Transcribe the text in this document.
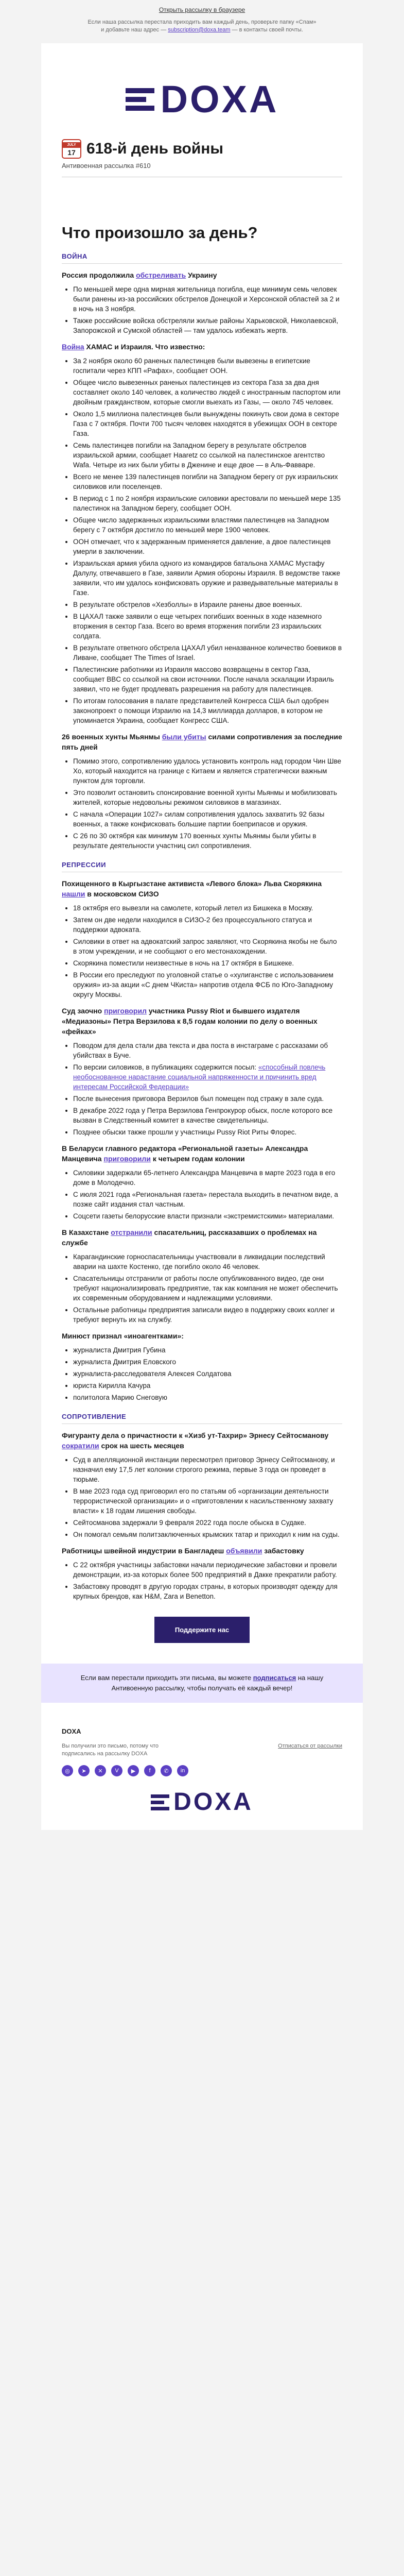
Открыть рассылку в браузере
Если наша рассылка перестала приходить вам каждый день, проверьте папку «Спам» и добавьте наш адрес — subscription@doxa.team — в контакты своей почты.
DOXA
JULY
17 618-й день войны
Антивоенная рассылка #610
Что произошло за день?
ВОЙНА
Россия продолжила обстреливать Украину
• По меньшей мере одна мирная жительница погибла, еще минимум семь человек были ранены из-за российских обстрелов Донецкой и Херсонской областей за 2 и в ночь на 3 ноября.
• Также российские войска обстреляли жилые районы Харьковской, Николаевской, Запорожской и Сумской областей — там удалось избежать жертв.
Война ХАМАС и Израиля. Что известно:
• За 2 ноября около 60 раненых палестинцев были вывезены в египетские госпитали через КПП «Рафах», сообщает ООН.
• Общее число вывезенных раненых палестинцев из сектора Газа за два дня составляет около 140 человек, а количество людей с иностранным паспортом или двойным гражданством, которые смогли выехать из Газы, — около 745 человек.
• Около 1,5 миллиона палестинцев были вынуждены покинуть свои дома в секторе Газа с 7 октября. Почти 700 тысяч человек находятся в убежищах ООН в секторе Газа.
• Семь палестинцев погибли на Западном берегу в результате обстрелов израильской армии, сообщает Haaretz со ссылкой на палестинское агентство Wafa. Четыре из них были убиты в Дженине и еще двое — в Аль-Фавваре.
• Всего не менее 139 палестинцев погибли на Западном берегу от рук израильских силовиков или поселенцев.
• В период с 1 по 2 ноября израильские силовики арестовали по меньшей мере 135 палестинок на Западном берегу, сообщает ООН.
• Общее число задержанных израильскими властями палестинцев на Западном берегу с 7 октября достигло по меньшей мере 1900 человек.
• ООН отмечает, что к задержанным применяется давление, а двое палестинцев умерли в заключении.
• Израильская армия убила одного из командиров батальона ХАМАС Мустафу Далулу, отвечавшего в Газе, заявили Армия обороны Израиля. В ведомстве также заявили, что им удалось конфисковать оружие и разведывательные материалы в Газе.
• В результате обстрелов «Хезболлы» в Израиле ранены двое военных.
• В ЦАХАЛ также заявили о еще четырех погибших военных в ходе наземного вторжения в сектор Газа. Всего во время вторжения погибли 23 израильских солдата.
• В результате ответного обстрела ЦАХАЛ убил неназванное количество боевиков в Ливане, сообщает The Times of Israel.
• Палестинские работники из Израиля массово возвращены в сектор Газа, сообщает BBC со ссылкой на свои источники. После начала эскалации Израиль заявил, что не будет продлевать разрешения на работу для палестинцев.
• По итогам голосования в палате представителей Конгресса США был одобрен законопроект о помощи Израилю на 14,3 миллиарда долларов, в котором не упоминается Украина, сообщает Конгресс США.
26 военных хунты Мьянмы были убиты силами сопротивления за последние пять дней
• Помимо этого, сопротивлению удалось установить контроль над городом Чин Шве Хо, который находится на границе с Китаем и является стратегически важным пунктом для торговли.
• Это позволит остановить спонсирование военной хунты Мьянмы и мобилизовать жителей, которые недовольны режимом силовиков в магазинах.
• С начала «Операции 1027» силам сопротивления удалось захватить 92 базы военных, а также конфисковать большие партии боеприпасов и оружия.
• С 26 по 30 октября как минимум 170 военных хунты Мьянмы были убиты в результате деятельности участниц сил сопротивления.
РЕПРЕССИИ
Похищенного в Кыргызстане активиста «Левого блока» Льва Скорякина нашли в московском СИЗО
• 18 октября его вывезли на самолете, который летел из Бишкека в Москву.
• Затем он две недели находился в СИЗО-2 без процессуального статуса и поддержки адвоката.
• Силовики в ответ на адвокатский запрос заявляют, что Скорякина якобы не было в этом учреждении, и не сообщают о его местонахождении.
• Скорякина поместили неизвестные в ночь на 17 октября в Бишкеке.
• В России его преследуют по уголовной статье о «хулиганстве с использованием оружия» из-за акции «С днем ЧКиста» напротив отдела ФСБ по Юго-Западному округу Москвы.
Суд заочно приговорил участника Pussy Riot и бывшего издателя «Медиазоны» Петра Верзилова к 8,5 годам колонии по делу о военных «фейках»
• Поводом для дела стали два текста и два поста в инстаграме с рассказами об убийствах в Буче.
• По версии силовиков, в публикациях содержится посыл: «способный повлечь необоснованное нарастание социальной напряженности и причинить вред интересам Российской Федерации»
• После вынесения приговора Верзилов был помещен под стражу в зале суда.
• В декабре 2022 года у Петра Верзилова Генпрокурор обыск, после которого все вызван в Следственный комитет в качестве свидетельницы.
• Позднее обыски также прошли у участницы Pussy Riot Риты Флорес.
В Беларуси главного редактора «Региональной газеты» Александра Манцевича приговорили к четырем годам колонии
• Силовики задержали 65-летнего Александра Манцевича в марте 2023 года в его доме в Молодечно.
• С июля 2021 года «Региональная газета» перестала выходить в печатном виде, а позже сайт издания стал частным.
• Соцсети газеты белорусские власти признали «экстремистскими» материалами.
В Казахстане отстранили спасательниц, рассказавших о проблемах на службе
• Карагандинские горноспасательницы участвовали в ликвидации последствий аварии на шахте Костенко, где погибло около 46 человек.
• Спасательницы отстранили от работы после опубликованного видео, где они требуют национализировать предприятие, так как компания не может обеспечить их современным оборудованием и надлежащими условиями.
• Остальные работницы предприятия записали видео в поддержку своих коллег и требуют вернуть их на службу.
Минюст признал «иноагентками»:
• журналиста Дмитрия Губина
• журналиста Дмитрия Еловского
• журналиста-расследователя Алексея Солдатова
• юриста Кирилла Качура
• политолога Марию Снеговую
СОПРОТИВЛЕНИЕ
Фигуранту дела о причастности к «Хизб ут-Тахрир» Эрнесу Сейтосманову сократили срок на шесть месяцев
• Суд в апелляционной инстанции пересмотрел приговор Эрнесу Сейтосманову, и назначил ему 17,5 лет колонии строгого режима, первые 3 года он проведет в тюрьме.
• В мае 2023 года суд приговорил его по статьям об «организации деятельности террористической организации» и о «приготовлении к насильственному захвату власти» к 18 годам лишения свободы.
• Сейтосманова задержали 9 февраля 2022 года после обыска в Судаке.
• Он помогал семьям политзаключенных крымских татар и приходил к ним на суды.
Работницы швейной индустрии в Бангладеш объявили забастовку
• С 22 октября участницы забастовки начали периодические забастовки и провели демонстрации, из-за которых более 500 предприятий в Дакке прекратили работу.
• Забастовку проводят в другую городах страны, в которых производят одежду для крупных брендов, как H&M, Zara и Benetton.
Поддержите нас
Если вам перестали приходить эти письма, вы можете подписаться на нашу Антивоенную рассылку, чтобы получать её каждый вечер!
DOXA
Вы получили это письмо, потому что подписались на рассылку DOXA
Отписаться от рассылки
◎	➤	✕	V	▶	f	✆	in
DOXA
